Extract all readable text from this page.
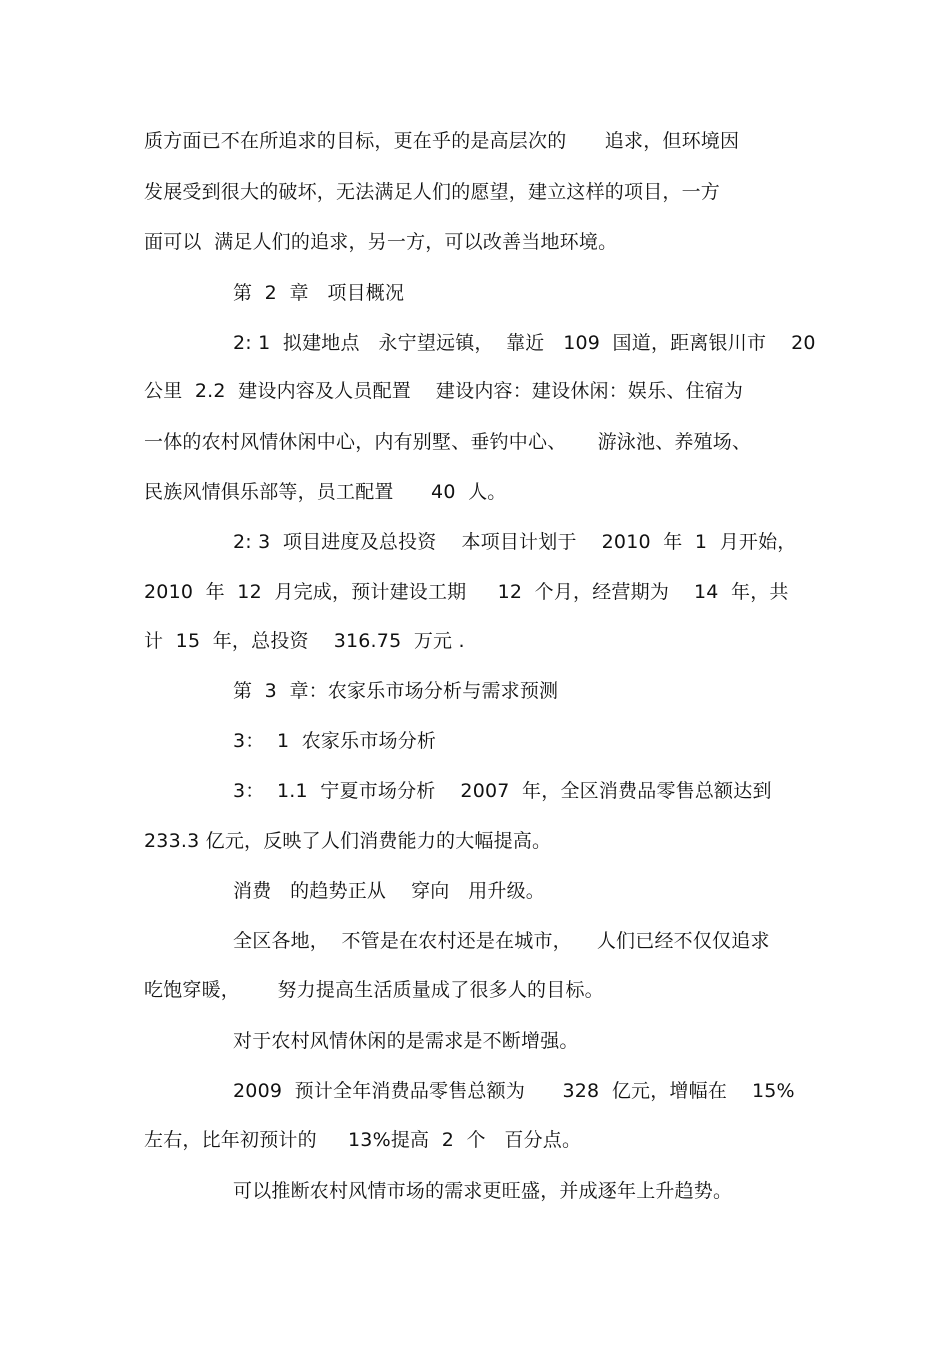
质方面已不在所追求的目标，更在乎的是高层次的　　追求，但环境因
发展受到很大的破坏，无法满足人们的愿望，建立这样的项目，一方
面可以  满足人们的追求，另一方，可以改善当地环境。
第  2  章   项目概况
2: 1  拟建地点   永宁望远镇，  靠近   109  国道，距离银川市    20
公里  2.2  建设内容及人员配置    建设内容：建设休闲：娱乐、住宿为
一体的农村风情休闲中心，内有别墅、垂钓中心、     游泳池、养殖场、
民族风情俱乐部等，员工配置      40  人。
2: 3  项目进度及总投资    本项目计划于    2010  年  1  月开始，
2010  年  12  月完成，预计建设工期     12  个月，经营期为    14  年，共
计  15  年，总投资    316.75  万元 .
第  3  章：农家乐市场分析与需求预测
3：  1  农家乐市场分析
3：  1.1  宁夏市场分析    2007  年，全区消费品零售总额达到
233.3 亿元，反映了人们消费能力的大幅提高。
消费   的趋势正从    穿向   用升级。
全区各地，  不管是在农村还是在城市，    人们已经不仅仅追求
吃饱穿暖，      努力提高生活质量成了很多人的目标。
对于农村风情休闲的是需求是不断增强。
2009  预计全年消费品零售总额为      328  亿元，增幅在    15%
左右，比年初预计的     13%提高  2  个   百分点。
可以推断农村风情市场的需求更旺盛，并成逐年上升趋势。
